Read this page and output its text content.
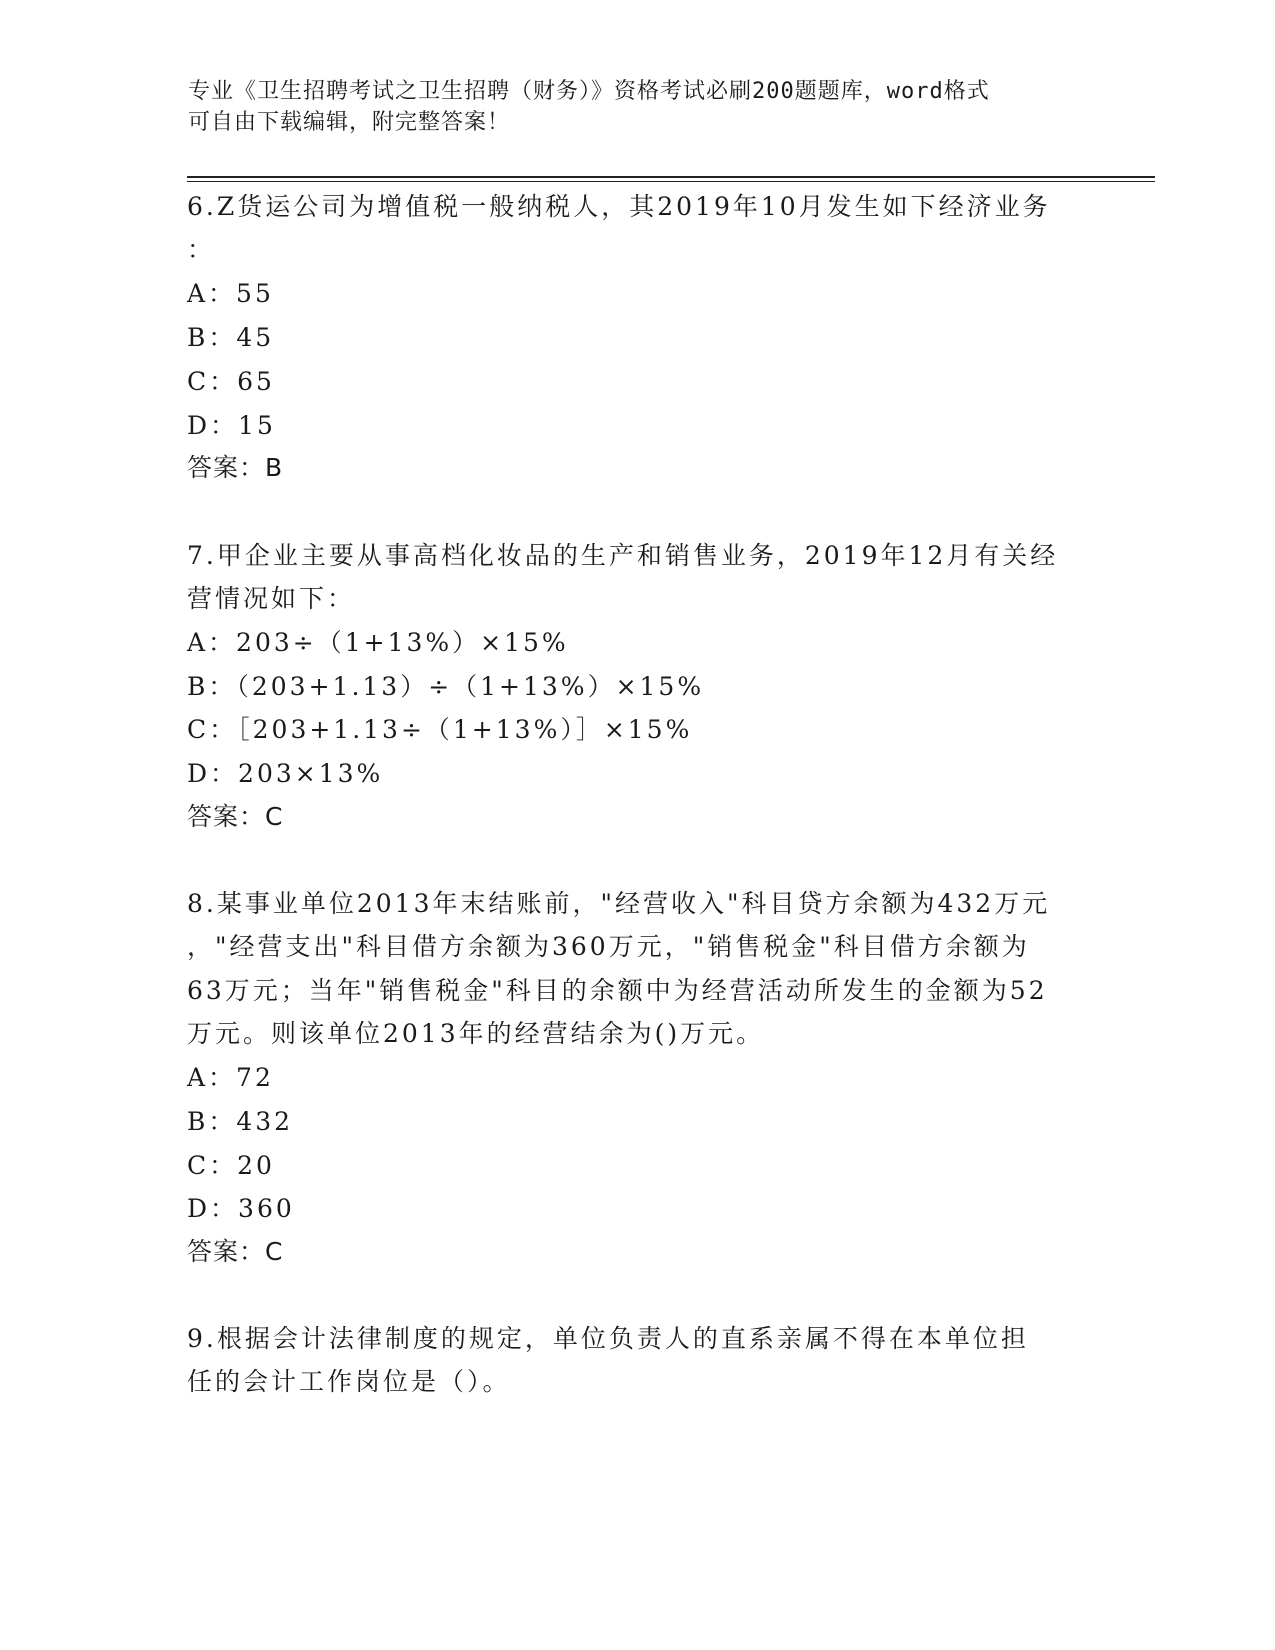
专业《卫生招聘考试之卫生招聘（财务）》资格考试必刷200题题库，word格式
可自由下载编辑，附完整答案！
6.Z货运公司为增值税一般纳税人，其2019年10月发生如下经济业务
：
A：55
B：45
C：65
D：15
答案：B
7.甲企业主要从事高档化妆品的生产和销售业务，2019年12月有关经
营情况如下：
A：203÷（1+13%）×15%
B：（203+1.13）÷（1+13%）×15%
C：［203+1.13÷（1+13%）］×15%
D：203×13%
答案：C
8.某事业单位2013年末结账前，"经营收入"科目贷方余额为432万元
，"经营支出"科目借方余额为360万元，"销售税金"科目借方余额为
63万元；当年"销售税金"科目的余额中为经营活动所发生的金额为52
万元。则该单位2013年的经营结余为()万元。
A：72
B：432
C：20
D：360
答案：C
9.根据会计法律制度的规定，单位负责人的直系亲属不得在本单位担
任的会计工作岗位是（）。
